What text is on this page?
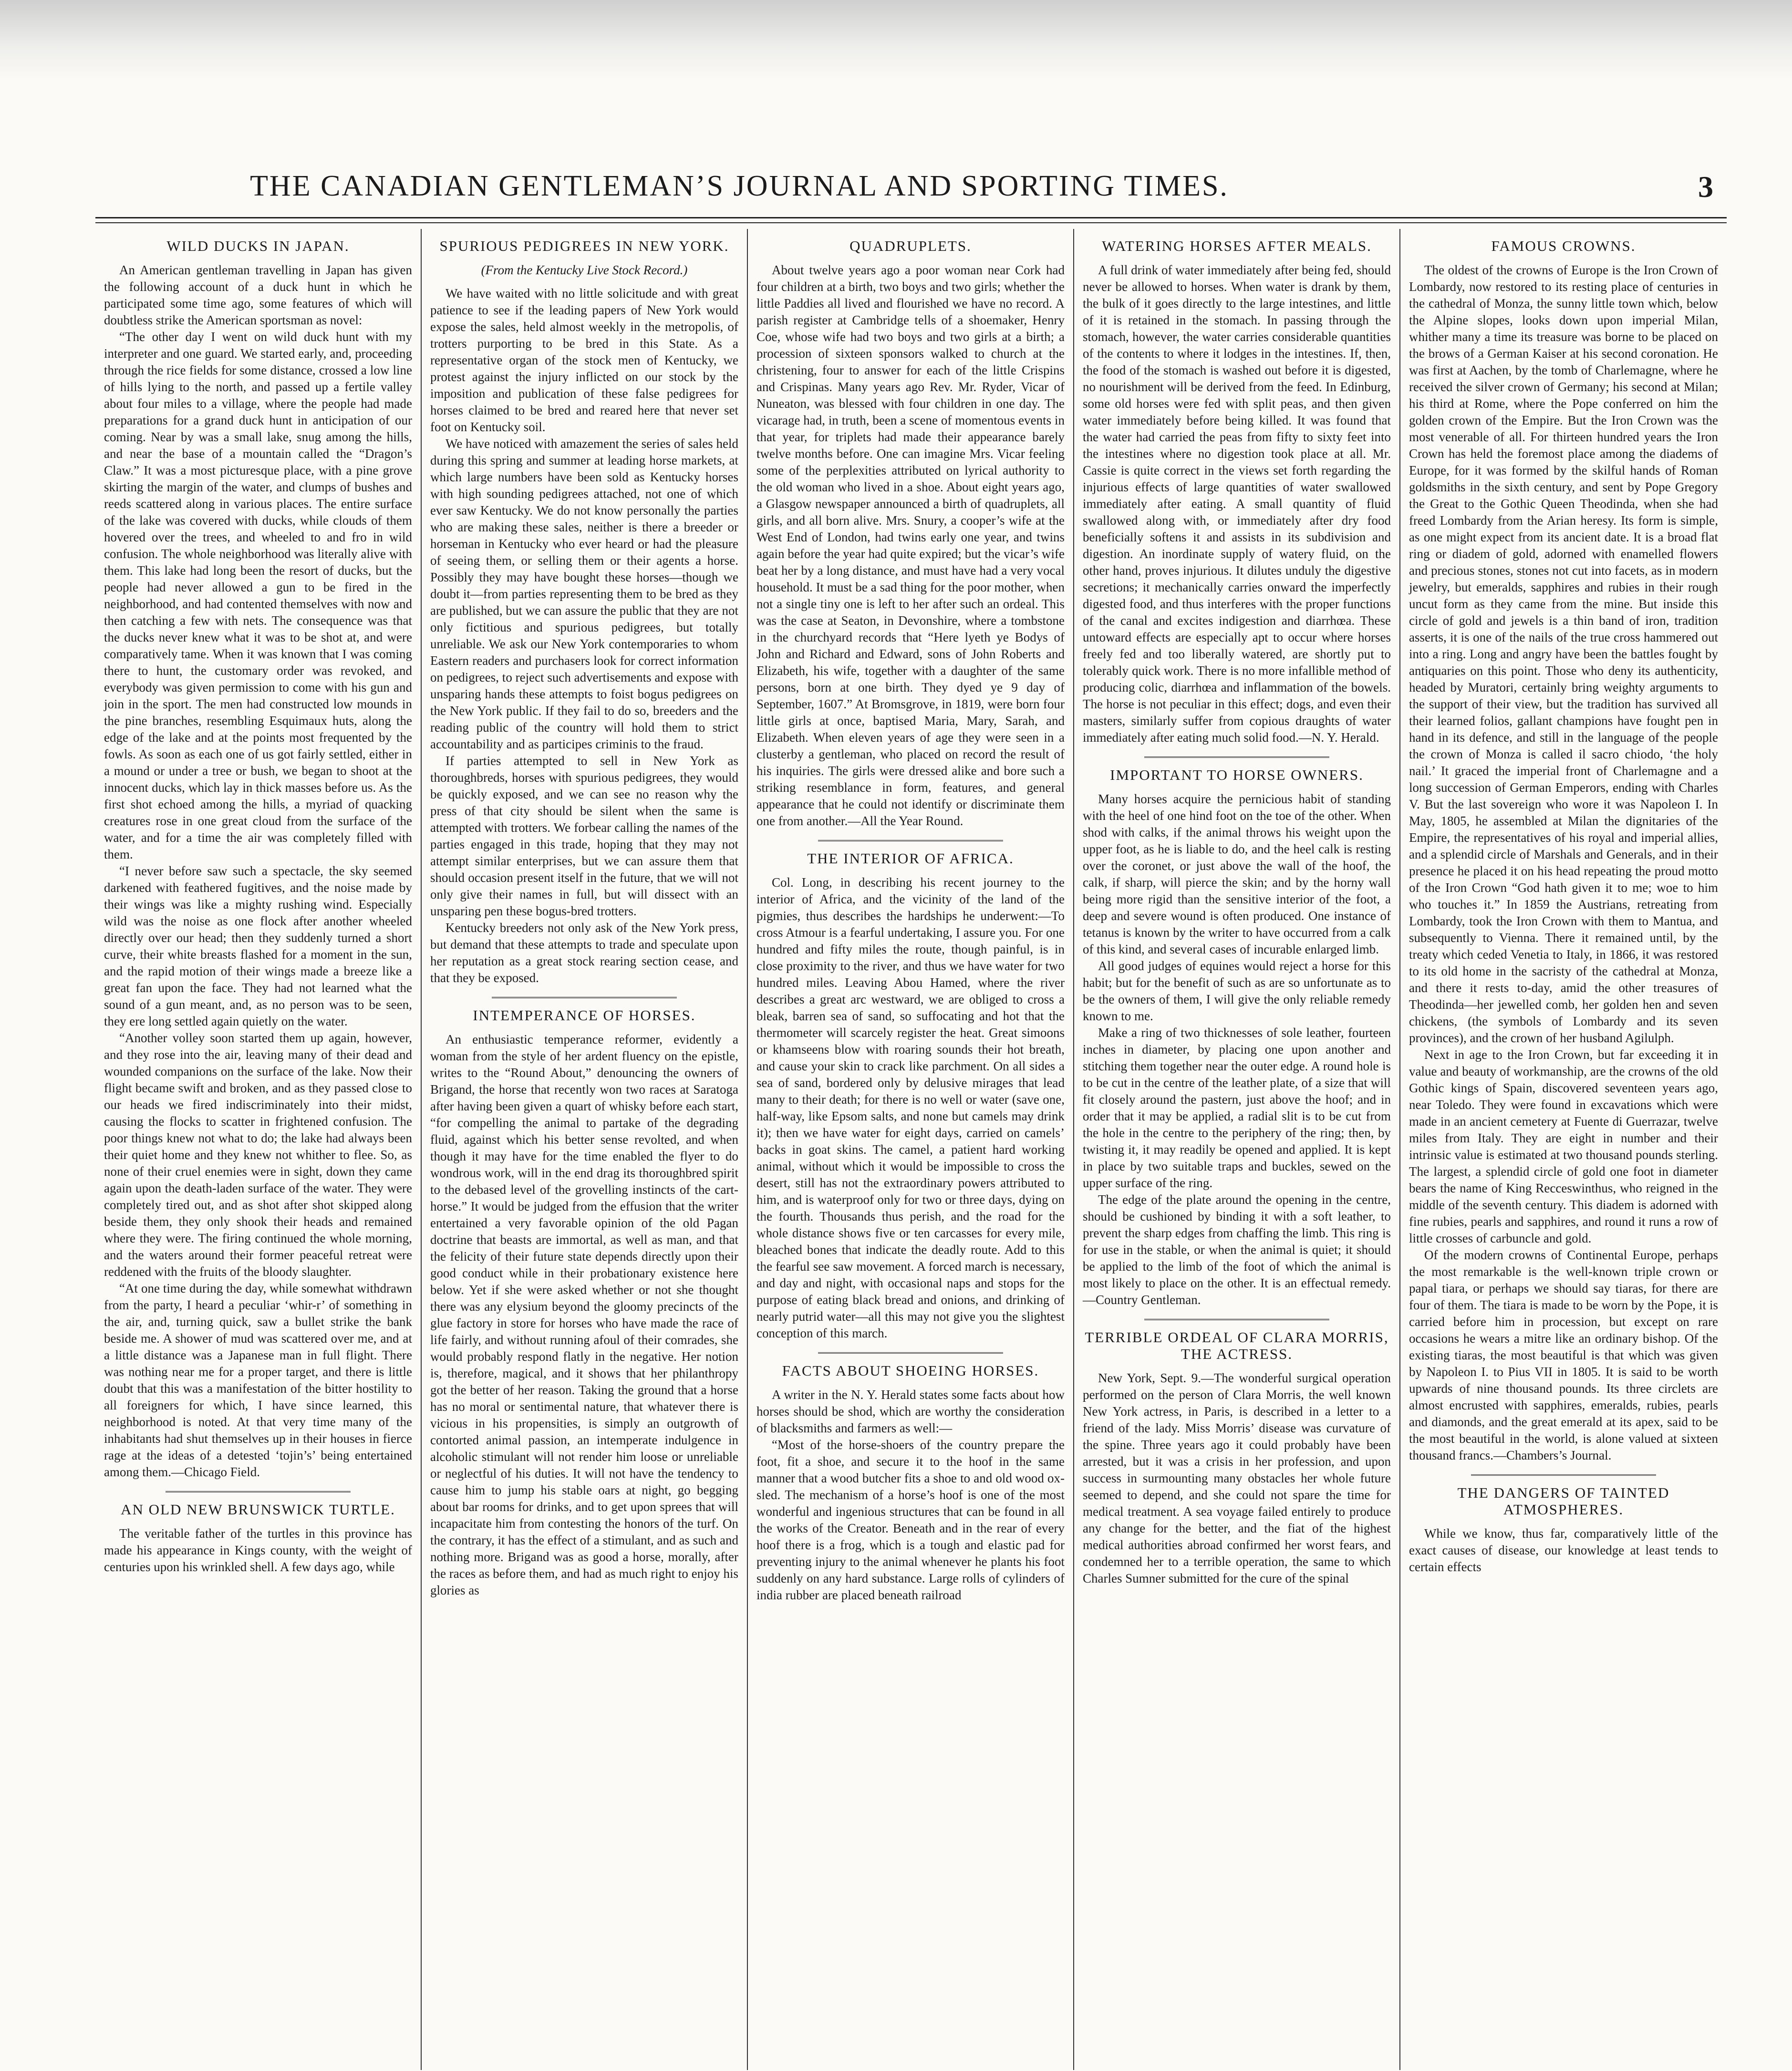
THE CANADIAN GENTLEMAN’S JOURNAL AND SPORTING TIMES.	3
WILD DUCKS IN JAPAN.

An American gentleman travelling in Japan has given the following account of a duck hunt in which he participated some time ago, some features of which will doubtless strike the American sportsman as novel:

“The other day I went on wild duck hunt with my interpreter and one guard. We started early, and, proceeding through the rice fields for some distance, crossed a low line of hills lying to the north, and passed up a fertile valley about four miles to a village, where the people had made preparations for a grand duck hunt in anticipation of our coming. Near by was a small lake, snug among the hills, and near the base of a mountain called the “Dragon’s Claw.” It was a most picturesque place, with a pine grove skirting the margin of the water, and clumps of bushes and reeds scattered along in various places. The entire surface of the lake was covered with ducks, while clouds of them hovered over the trees, and wheeled to and fro in wild confusion. The whole neighborhood was literally alive with them. This lake had long been the resort of ducks, but the people had never allowed a gun to be fired in the neighborhood, and had contented themselves with now and then catching a few with nets. The consequence was that the ducks never knew what it was to be shot at, and were comparatively tame. When it was known that I was coming there to hunt, the customary order was revoked, and everybody was given permission to come with his gun and join in the sport. The men had constructed low mounds in the pine branches, resembling Esquimaux huts, along the edge of the lake and at the points most frequented by the fowls. As soon as each one of us got fairly settled, either in a mound or under a tree or bush, we began to shoot at the innocent ducks, which lay in thick masses before us. As the first shot echoed among the hills, a myriad of quacking creatures rose in one great cloud from the surface of the water, and for a time the air was completely filled with them.

“I never before saw such a spectacle, the sky seemed darkened with feathered fugitives, and the noise made by their wings was like a mighty rushing wind. Especially wild was the noise as one flock after another wheeled directly over our head; then they suddenly turned a short curve, their white breasts flashed for a moment in the sun, and the rapid motion of their wings made a breeze like a great fan upon the face. They had not learned what the sound of a gun meant, and, as no person was to be seen, they ere long settled again quietly on the water.

“Another volley soon started them up again, however, and they rose into the air, leaving many of their dead and wounded companions on the surface of the lake. Now their flight became swift and broken, and as they passed close to our heads we fired indiscriminately into their midst, causing the flocks to scatter in frightened confusion. The poor things knew not what to do; the lake had always been their quiet home and they knew not whither to flee. So, as none of their cruel enemies were in sight, down they came again upon the death-laden surface of the water. They were completely tired out, and as shot after shot skipped along beside them, they only shook their heads and remained where they were. The firing continued the whole morning, and the waters around their former peaceful retreat were reddened with the fruits of the bloody slaughter.

“At one time during the day, while somewhat withdrawn from the party, I heard a peculiar ‘whir-r’ of something in the air, and, turning quick, saw a bullet strike the bank beside me. A shower of mud was scattered over me, and at a little distance was a Japanese man in full flight. There was nothing near me for a proper target, and there is little doubt that this was a manifestation of the bitter hostility to all foreigners for which, I have since learned, this neighborhood is noted. At that very time many of the inhabitants had shut themselves up in their houses in fierce rage at the ideas of a detested ‘tojin’s’ being entertained among them.—Chicago Field.

AN OLD NEW BRUNSWICK TURTLE.

The veritable father of the turtles in this province has made his appearance in Kings county, with the weight of centuries upon his wrinkled shell. A few days ago, while

SPURIOUS PEDIGREES IN NEW YORK.
(From the Kentucky Live Stock Record.)

We have waited with no little solicitude and with great patience to see if the leading papers of New York would expose the sales, held almost weekly in the metropolis, of trotters purporting to be bred in this State. As a representative organ of the stock men of Kentucky, we protest against the injury inflicted on our stock by the imposition and publication of these false pedigrees for horses claimed to be bred and reared here that never set foot on Kentucky soil.

We have noticed with amazement the series of sales held during this spring and summer at leading horse markets, at which large numbers have been sold as Kentucky horses with high sounding pedigrees attached, not one of which ever saw Kentucky. We do not know personally the parties who are making these sales, neither is there a breeder or horseman in Kentucky who ever heard or had the pleasure of seeing them, or selling them or their agents a horse. Possibly they may have bought these horses—though we doubt it—from parties representing them to be bred as they are published, but we can assure the public that they are not only fictitious and spurious pedigrees, but totally unreliable. We ask our New York contemporaries to whom Eastern readers and purchasers look for correct information on pedigrees, to reject such advertisements and expose with unsparing hands these attempts to foist bogus pedigrees on the New York public. If they fail to do so, breeders and the reading public of the country will hold them to strict accountability and as participes criminis to the fraud.

If parties attempted to sell in New York as thoroughbreds, horses with spurious pedigrees, they would be quickly exposed, and we can see no reason why the press of that city should be silent when the same is attempted with trotters. We forbear calling the names of the parties engaged in this trade, hoping that they may not attempt similar enterprises, but we can assure them that should occasion present itself in the future, that we will not only give their names in full, but will dissect with an unsparing pen these bogus-bred trotters.

Kentucky breeders not only ask of the New York press, but demand that these attempts to trade and speculate upon her reputation as a great stock rearing section cease, and that they be exposed.

INTEMPERANCE OF HORSES.

An enthusiastic temperance reformer, evidently a woman from the style of her ardent fluency on the epistle, writes to the “Round About,” denouncing the owners of Brigand, the horse that recently won two races at Saratoga after having been given a quart of whisky before each start, “for compelling the animal to partake of the degrading fluid, against which his better sense revolted, and when though it may have for the time enabled the flyer to do wondrous work, will in the end drag its thoroughbred spirit to the debased level of the grovelling instincts of the cart-horse.” It would be judged from the effusion that the writer entertained a very favorable opinion of the old Pagan doctrine that beasts are immortal, as well as man, and that the felicity of their future state depends directly upon their good conduct while in their probationary existence here below. Yet if she were asked whether or not she thought there was any elysium beyond the gloomy precincts of the glue factory in store for horses who have made the race of life fairly, and without running afoul of their comrades, she would probably respond flatly in the negative. Her notion is, therefore, magical, and it shows that her philanthropy got the better of her reason. Taking the ground that a horse has no moral or sentimental nature, that whatever there is vicious in his propensities, is simply an outgrowth of contorted animal passion, an intemperate indulgence in alcoholic stimulant will not render him loose or unreliable or neglectful of his duties. It will not have the tendency to cause him to jump his stable oars at night, go begging about bar rooms for drinks, and to get upon sprees that will incapacitate him from contesting the honors of the turf. On the contrary, it has the effect of a stimulant, and as such and nothing more. Brigand was as good a horse, morally, after the races as before them, and had as much right to enjoy his glories as

QUADRUPLETS.

About twelve years ago a poor woman near Cork had four children at a birth, two boys and two girls; whether the little Paddies all lived and flourished we have no record. A parish register at Cambridge tells of a shoemaker, Henry Coe, whose wife had two boys and two girls at a birth; a procession of sixteen sponsors walked to church at the christening, four to answer for each of the little Crispins and Crispinas. Many years ago Rev. Mr. Ryder, Vicar of Nuneaton, was blessed with four children in one day. The vicarage had, in truth, been a scene of momentous events in that year, for triplets had made their appearance barely twelve months before. One can imagine Mrs. Vicar feeling some of the perplexities attributed on lyrical authority to the old woman who lived in a shoe. About eight years ago, a Glasgow newspaper announced a birth of quadruplets, all girls, and all born alive. Mrs. Snury, a cooper’s wife at the West End of London, had twins early one year, and twins again before the year had quite expired; but the vicar’s wife beat her by a long distance, and must have had a very vocal household. It must be a sad thing for the poor mother, when not a single tiny one is left to her after such an ordeal. This was the case at Seaton, in Devonshire, where a tombstone in the churchyard records that “Here lyeth ye Bodys of John and Richard and Edward, sons of John Roberts and Elizabeth, his wife, together with a daughter of the same persons, born at one birth. They dyed ye 9 day of September, 1607.” At Bromsgrove, in 1819, were born four little girls at once, baptised Maria, Mary, Sarah, and Elizabeth. When eleven years of age they were seen in a clusterby a gentleman, who placed on record the result of his inquiries. The girls were dressed alike and bore such a striking resemblance in form, features, and general appearance that he could not identify or discriminate them one from another.—All the Year Round.

THE INTERIOR OF AFRICA.

Col. Long, in describing his recent journey to the interior of Africa, and the vicinity of the land of the pigmies, thus describes the hardships he underwent:—To cross Atmour is a fearful undertaking, I assure you. For one hundred and fifty miles the route, though painful, is in close proximity to the river, and thus we have water for two hundred miles. Leaving Abou Hamed, where the river describes a great arc westward, we are obliged to cross a bleak, barren sea of sand, so suffocating and hot that the thermometer will scarcely register the heat. Great simoons or khamseens blow with roaring sounds their hot breath, and cause your skin to crack like parchment. On all sides a sea of sand, bordered only by delusive mirages that lead many to their death; for there is no well or water (save one, half-way, like Epsom salts, and none but camels may drink it); then we have water for eight days, carried on camels’ backs in goat skins. The camel, a patient hard working animal, without which it would be impossible to cross the desert, still has not the extraordinary powers attributed to him, and is waterproof only for two or three days, dying on the fourth. Thousands thus perish, and the road for the whole distance shows five or ten carcasses for every mile, bleached bones that indicate the deadly route. Add to this the fearful see saw movement. A forced march is necessary, and day and night, with occasional naps and stops for the purpose of eating black bread and onions, and drinking of nearly putrid water—all this may not give you the slightest conception of this march.

FACTS ABOUT SHOEING HORSES.

A writer in the N. Y. Herald states some facts about how horses should be shod, which are worthy the consideration of blacksmiths and farmers as well:—

“Most of the horse-shoers of the country prepare the foot, fit a shoe, and secure it to the hoof in the same manner that a wood butcher fits a shoe to and old wood ox-sled. The mechanism of a horse’s hoof is one of the most wonderful and ingenious structures that can be found in all the works of the Creator. Beneath and in the rear of every hoof there is a frog, which is a tough and elastic pad for preventing injury to the animal whenever he plants his foot suddenly on any hard substance. Large rolls of cylinders of india rubber are placed beneath railroad

WATERING HORSES AFTER MEALS.

A full drink of water immediately after being fed, should never be allowed to horses. When water is drank by them, the bulk of it goes directly to the large intestines, and little of it is retained in the stomach. In passing through the stomach, however, the water carries considerable quantities of the contents to where it lodges in the intestines. If, then, the food of the stomach is washed out before it is digested, no nourishment will be derived from the feed. In Edinburg, some old horses were fed with split peas, and then given water immediately before being killed. It was found that the water had carried the peas from fifty to sixty feet into the intestines where no digestion took place at all. Mr. Cassie is quite correct in the views set forth regarding the injurious effects of large quantities of water swallowed immediately after eating. A small quantity of fluid swallowed along with, or immediately after dry food beneficially softens it and assists in its subdivision and digestion. An inordinate supply of watery fluid, on the other hand, proves injurious. It dilutes unduly the digestive secretions; it mechanically carries onward the imperfectly digested food, and thus interferes with the proper functions of the canal and excites indigestion and diarrhœa. These untoward effects are especially apt to occur where horses freely fed and too liberally watered, are shortly put to tolerably quick work. There is no more infallible method of producing colic, diarrhœa and inflammation of the bowels. The horse is not peculiar in this effect; dogs, and even their masters, similarly suffer from copious draughts of water immediately after eating much solid food.—N. Y. Herald.

IMPORTANT TO HORSE OWNERS.

Many horses acquire the pernicious habit of standing with the heel of one hind foot on the toe of the other. When shod with calks, if the animal throws his weight upon the upper foot, as he is liable to do, and the heel calk is resting over the coronet, or just above the wall of the hoof, the calk, if sharp, will pierce the skin; and by the horny wall being more rigid than the sensitive interior of the foot, a deep and severe wound is often produced. One instance of tetanus is known by the writer to have occurred from a calk of this kind, and several cases of incurable enlarged limb.

All good judges of equines would reject a horse for this habit; but for the benefit of such as are so unfortunate as to be the owners of them, I will give the only reliable remedy known to me.

Make a ring of two thicknesses of sole leather, fourteen inches in diameter, by placing one upon another and stitching them together near the outer edge. A round hole is to be cut in the centre of the leather plate, of a size that will fit closely around the pastern, just above the hoof; and in order that it may be applied, a radial slit is to be cut from the hole in the centre to the periphery of the ring; then, by twisting it, it may readily be opened and applied. It is kept in place by two suitable traps and buckles, sewed on the upper surface of the ring.

The edge of the plate around the opening in the centre, should be cushioned by binding it with a soft leather, to prevent the sharp edges from chaffing the limb. This ring is for use in the stable, or when the animal is quiet; it should be applied to the limb of the foot of which the animal is most likely to place on the other. It is an effectual remedy.—Country Gentleman.

TERRIBLE ORDEAL OF CLARA MORRIS, THE ACTRESS.

New York, Sept. 9.—The wonderful surgical operation performed on the person of Clara Morris, the well known New York actress, in Paris, is described in a letter to a friend of the lady. Miss Morris’ disease was curvature of the spine. Three years ago it could probably have been arrested, but it was a crisis in her profession, and upon success in surmounting many obstacles her whole future seemed to depend, and she could not spare the time for medical treatment. A sea voyage failed entirely to produce any change for the better, and the fiat of the highest medical authorities abroad confirmed her worst fears, and condemned her to a terrible operation, the same to which Charles Sumner submitted for the cure of the spinal

FAMOUS CROWNS.

The oldest of the crowns of Europe is the Iron Crown of Lombardy, now restored to its resting place of centuries in the cathedral of Monza, the sunny little town which, below the Alpine slopes, looks down upon imperial Milan, whither many a time its treasure was borne to be placed on the brows of a German Kaiser at his second coronation. He was first at Aachen, by the tomb of Charlemagne, where he received the silver crown of Germany; his second at Milan; his third at Rome, where the Pope conferred on him the golden crown of the Empire. But the Iron Crown was the most venerable of all. For thirteen hundred years the Iron Crown has held the foremost place among the diadems of Europe, for it was formed by the skilful hands of Roman goldsmiths in the sixth century, and sent by Pope Gregory the Great to the Gothic Queen Theodinda, when she had freed Lombardy from the Arian heresy. Its form is simple, as one might expect from its ancient date. It is a broad flat ring or diadem of gold, adorned with enamelled flowers and precious stones, stones not cut into facets, as in modern jewelry, but emeralds, sapphires and rubies in their rough uncut form as they came from the mine. But inside this circle of gold and jewels is a thin band of iron, tradition asserts, it is one of the nails of the true cross hammered out into a ring. Long and angry have been the battles fought by antiquaries on this point. Those who deny its authenticity, headed by Muratori, certainly bring weighty arguments to the support of their view, but the tradition has survived all their learned folios, gallant champions have fought pen in hand in its defence, and still in the language of the people the crown of Monza is called il sacro chiodo, ‘the holy nail.’ It graced the imperial front of Charlemagne and a long succession of German Emperors, ending with Charles V. But the last sovereign who wore it was Napoleon I. In May, 1805, he assembled at Milan the dignitaries of the Empire, the representatives of his royal and imperial allies, and a splendid circle of Marshals and Generals, and in their presence he placed it on his head repeating the proud motto of the Iron Crown “God hath given it to me; woe to him who touches it.” In 1859 the Austrians, retreating from Lombardy, took the Iron Crown with them to Mantua, and subsequently to Vienna. There it remained until, by the treaty which ceded Venetia to Italy, in 1866, it was restored to its old home in the sacristy of the cathedral at Monza, and there it rests to-day, amid the other treasures of Theodinda—her jewelled comb, her golden hen and seven chickens, (the symbols of Lombardy and its seven provinces), and the crown of her husband Agilulph.

Next in age to the Iron Crown, but far exceeding it in value and beauty of workmanship, are the crowns of the old Gothic kings of Spain, discovered seventeen years ago, near Toledo. They were found in excavations which were made in an ancient cemetery at Fuente di Guerrazar, twelve miles from Italy. They are eight in number and their intrinsic value is estimated at two thousand pounds sterling. The largest, a splendid circle of gold one foot in diameter bears the name of King Recceswinthus, who reigned in the middle of the seventh century. This diadem is adorned with fine rubies, pearls and sapphires, and round it runs a row of little crosses of carbuncle and gold.

Of the modern crowns of Continental Europe, perhaps the most remarkable is the well-known triple crown or papal tiara, or perhaps we should say tiaras, for there are four of them. The tiara is made to be worn by the Pope, it is carried before him in procession, but except on rare occasions he wears a mitre like an ordinary bishop. Of the existing tiaras, the most beautiful is that which was given by Napoleon I. to Pius VII in 1805. It is said to be worth upwards of nine thousand pounds. Its three circlets are almost encrusted with sapphires, emeralds, rubies, pearls and diamonds, and the great emerald at its apex, said to be the most beautiful in the world, is alone valued at sixteen thousand francs.—Chambers’s Journal.

THE DANGERS OF TAINTED ATMOSPHERES.

While we know, thus far, comparatively little of the exact causes of disease, our knowledge at least tends to certain effects
